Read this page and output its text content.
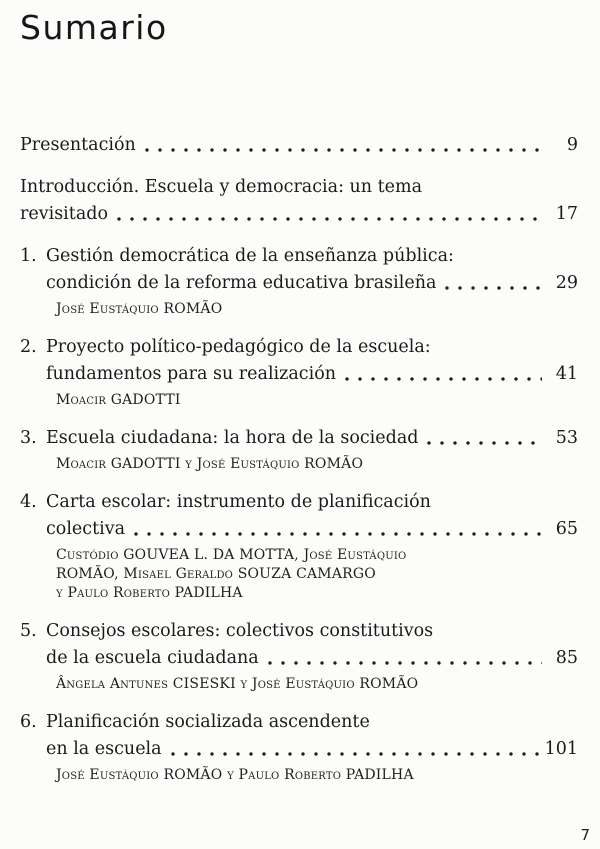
Sumario
Presentación	9
Introducción. Escuela y democracia: un tema
revisitado	17
1. Gestión democrática de la enseñanza pública:
condición de la reforma educativa brasileña	29
José Eustáquio ROMÃO
2. Proyecto político-pedagógico de la escuela:
fundamentos para su realización	41
Moacir GADOTTI
3. Escuela ciudadana: la hora de la sociedad	53
Moacir GADOTTI y José Eustáquio ROMÃO
4. Carta escolar: instrumento de planificación
colectiva	65
Custódio GOUVEA L. DA MOTTA, José Eustáquio
ROMÃO, Misael Geraldo SOUZA CAMARGO
y Paulo Roberto PADILHA
5. Consejos escolares: colectivos constitutivos
de la escuela ciudadana	85
Ângela Antunes CISESKI y José Eustáquio ROMÃO
6. Planificación socializada ascendente
en la escuela	101
José Eustáquio ROMÃO y Paulo Roberto PADILHA
7
